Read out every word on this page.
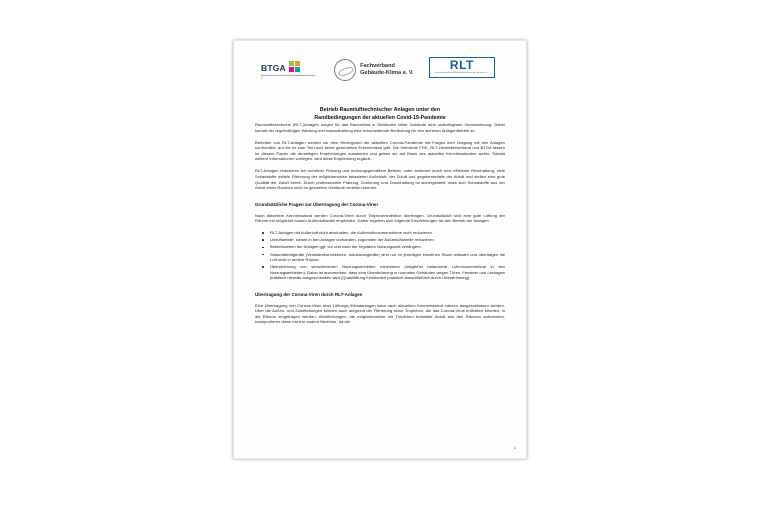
BTGA
Bundesindustrieverband Technische Gebäudeausrüstung e. V.
Fachverband
Gebäude-Klima e. V.
RLT
Herstellerverband Raumlufttechnische Geräte e. V.
Betrieb Raumlufttechnischer Anlagen unter den
Randbedingungen der aktuellen Covid-19-Pandemie

Raumlufttechnische (RLT-)Anlagen sorgen für das Raumklima in Gebäuden vieler Gebäude eine unabdingbare Voraussetzung. Dabei kommt der regelmäßigen Wartung und Instandhaltung eine entscheidende Bedeutung für den sicheren Anlagenbetrieb zu.

Betreiber von RLT-Anlagen werden vor dem Hintergrund der aktuellen Corona-Pandemie mit Fragen zum Umgang mit den Anlagen konfrontiert, auf die es zum Teil noch keine gesicherten Erkenntnisse gibt. Die Verbände FGK, RLT-Herstellerverband und BTGA fassen im diesem Papier die derzeitigen Empfehlungen zusammen und geben sie auf Basis des aktuellen Kenntnisstandes weiter. Sobald weitere Informationen vorliegen, wird diese Empfehlung ergänzt.

RLT-Anlagen reduzieren bei korrekter Planung und ordnungsgemäßem Betrieb, unter anderem durch eine effiziente Rückhaltung, viele Schadstoffe mittels Filtrierung der möglicherweise belasteten Außenluft, der Zuluft und gegebenenfalls der Abluft und stellen eine gute Qualität der Zuluft bereit. Durch professionelle Planung, Zonierung und Druckhaltung ist sichergestellt, dass sich Schadstoffe aus der Abluft eines Raumes nicht im gesamten Gebäude verteilen können.

Grundsätzliche Fragen zur Übertragung der Corona-Viren

Nach aktuellem Kenntnisstand werden Corona-Viren durch Tröpfcheninfektion übertragen. Grundsätzlich sind eine gute Lüftung der Räume mit möglichst hohem Außenluftanteil empfohlen. Daher ergeben sich folgende Empfehlungen für den Betrieb der Anlagen:

RLT-Anlagen mit Außenluft nicht abschalten, die Außenluftvolumenströme nicht reduzieren.
Umluftanteile, soweit in den Anlagen vorhanden, zugunsten der Außenluftanteile reduzieren.
Betriebszeiten der Anlagen ggf. vor und nach der regulären Nutzungszeit verlängern.
Sekundärluftgeräte (Ventilatorkonvektoren, Induktionsgeräte) sind nur im jeweiligen einzelnen Raum wirksam und übertragen die Luft nicht in andere Räume.
Überströmung von verschiedenen Nutzungseinheiten minimieren (möglichst balancierte Luftvolumenströme in den Nutzungseinheiten). Dabei ist anzumerken, dass eine Überströmung in normalen Gebäuden wegen Türen, Fenstern und Leckagen praktisch niemals ausgeschlossen wird (Quasilüftung funktioniert praktisch ausschließlich durch Überströmung).
Übertragung der Corona-Viren durch RLT-Anlagen

Eine Übertragung von Corona-Viren über Lüftungs-/Klimaanlagen kann nach aktuellem Kenntnisstand nahezu ausgeschlossen werden. Über die Außen- und Zuluftleitungen können auch aufgrund der Filtrierung keine Tröpfchen, die das Corona-Virus enthalten könnten, in die Räume eingetragen werden. Abluftleitungen, die möglicherweise mit Tröpfchen belastete Abluft aus den Räumen aufnehmen, transportieren diese nicht in andere Bereiche, da die

1
